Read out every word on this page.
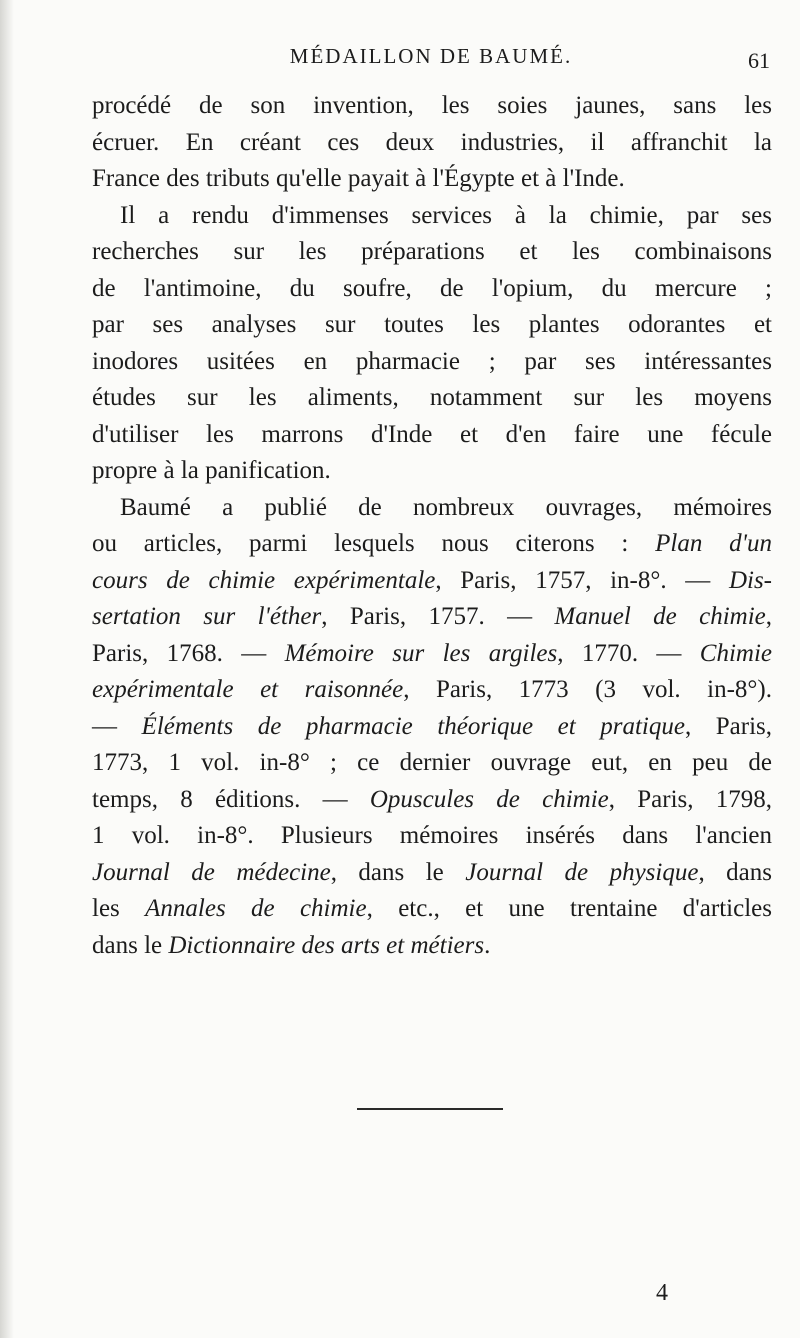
MÉDAILLON DE BAUMÉ.	61
procédé de son invention, les soies jaunes, sans les
écruer. En créant ces deux industries, il affranchit la
France des tributs qu'elle payait à l'Égypte et à l'Inde.
Il a rendu d'immenses services à la chimie, par ses
recherches sur les préparations et les combinaisons
de l'antimoine, du soufre, de l'opium, du mercure ;
par ses analyses sur toutes les plantes odorantes et
inodores usitées en pharmacie ; par ses intéressantes
études sur les aliments, notamment sur les moyens
d'utiliser les marrons d'Inde et d'en faire une fécule
propre à la panification.
Baumé a publié de nombreux ouvrages, mémoires
ou articles, parmi lesquels nous citerons : Plan d'un
cours de chimie expérimentale, Paris, 1757, in-8°. — Dis-
sertation sur l'éther, Paris, 1757. — Manuel de chimie,
Paris, 1768. — Mémoire sur les argiles, 1770. — Chimie
expérimentale et raisonnée, Paris, 1773 (3 vol. in-8°).
— Éléments de pharmacie théorique et pratique, Paris,
1773, 1 vol. in-8° ; ce dernier ouvrage eut, en peu de
temps, 8 éditions. — Opuscules de chimie, Paris, 1798,
1 vol. in-8°. Plusieurs mémoires insérés dans l'ancien
Journal de médecine, dans le Journal de physique, dans
les Annales de chimie, etc., et une trentaine d'articles
dans le Dictionnaire des arts et métiers.
4
